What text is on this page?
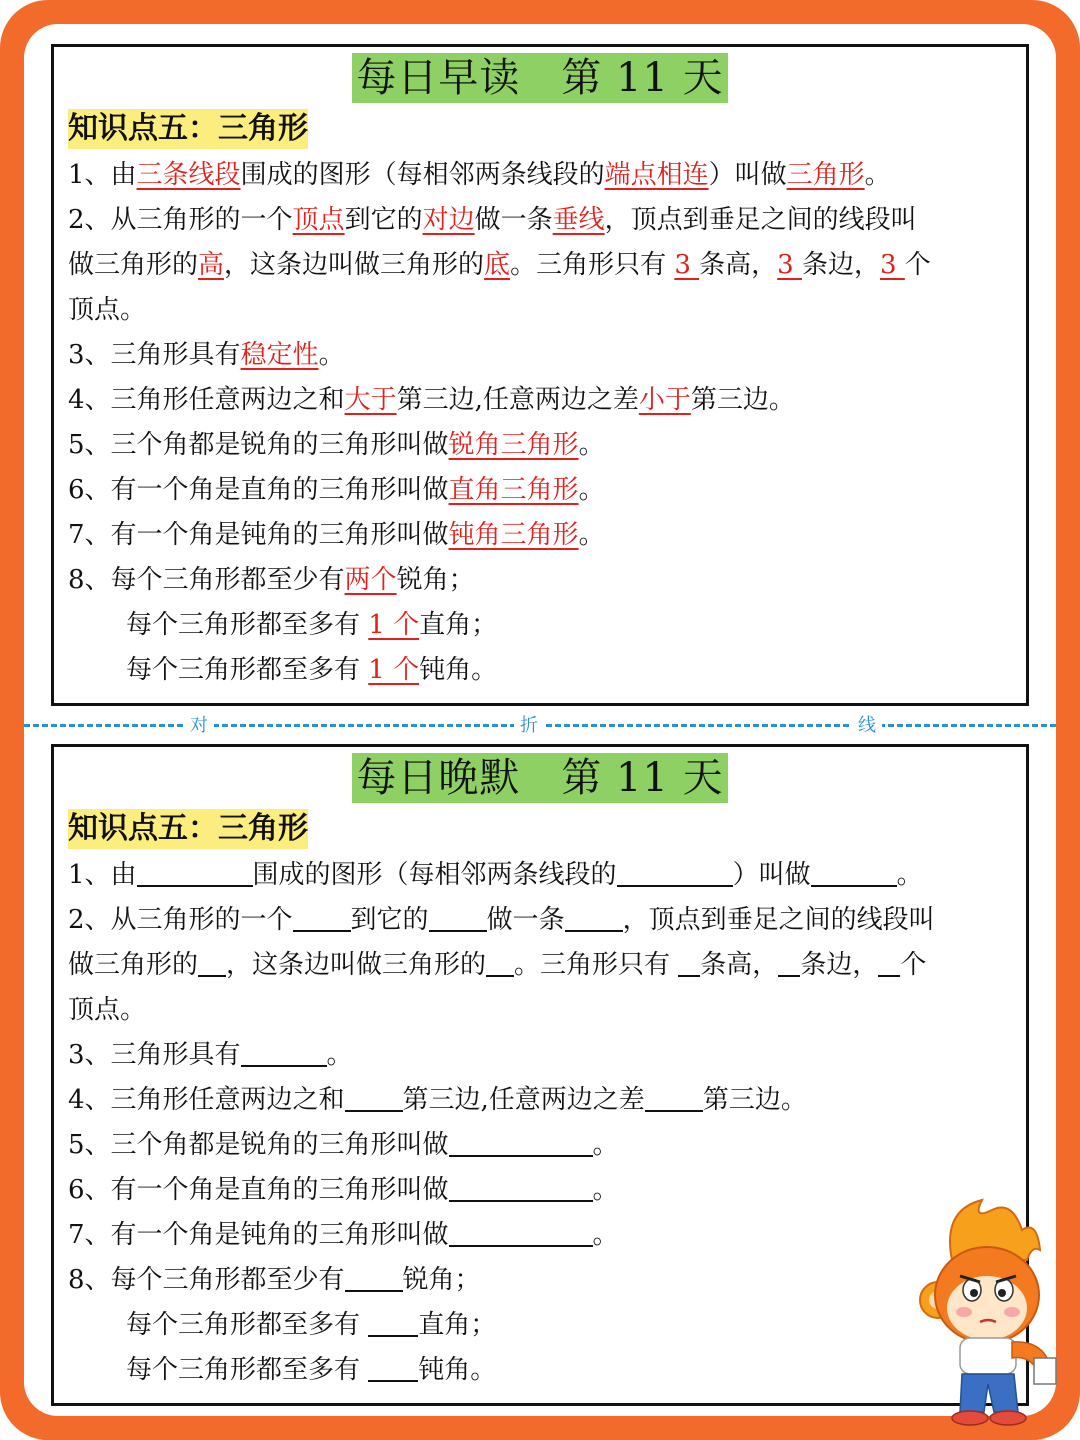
每日早读　第 11 天
知识点五：三角形
1、由三条线段围成的图形（每相邻两条线段的端点相连）叫做三角形。
2、从三角形的一个顶点到它的对边做一条垂线，顶点到垂足之间的线段叫
做三角形的高，这条边叫做三角形的底。三角形只有 3 条高，3 条边，3 个
顶点。
3、三角形具有稳定性。
4、三角形任意两边之和大于第三边,任意两边之差小于第三边。
5、三个角都是锐角的三角形叫做锐角三角形。
6、有一个角是直角的三角形叫做直角三角形。
7、有一个角是钝角的三角形叫做钝角三角形。
8、每个三角形都至少有两个锐角；
每个三角形都至多有 1 个直角；
每个三角形都至多有 1 个钝角。
对	折	线
每日晚默　第 11 天
知识点五：三角形
1、由	围成的图形（每相邻两条线段的	）叫做	。
2、从三角形的一个 到它的 做一条 ，顶点到垂足之间的线段叫
做三角形的 ，这条边叫做三角形的 。三角形只有 条高， 条边， 个
顶点。
3、三角形具有	。
4、三角形任意两边之和 第三边,任意两边之差 第三边。
5、三个角都是锐角的三角形叫做	。
6、有一个角是直角的三角形叫做	。
7、有一个角是钝角的三角形叫做	。
8、每个三角形都至少有 锐角；
每个三角形都至多有 直角；
每个三角形都至多有 钝角。
